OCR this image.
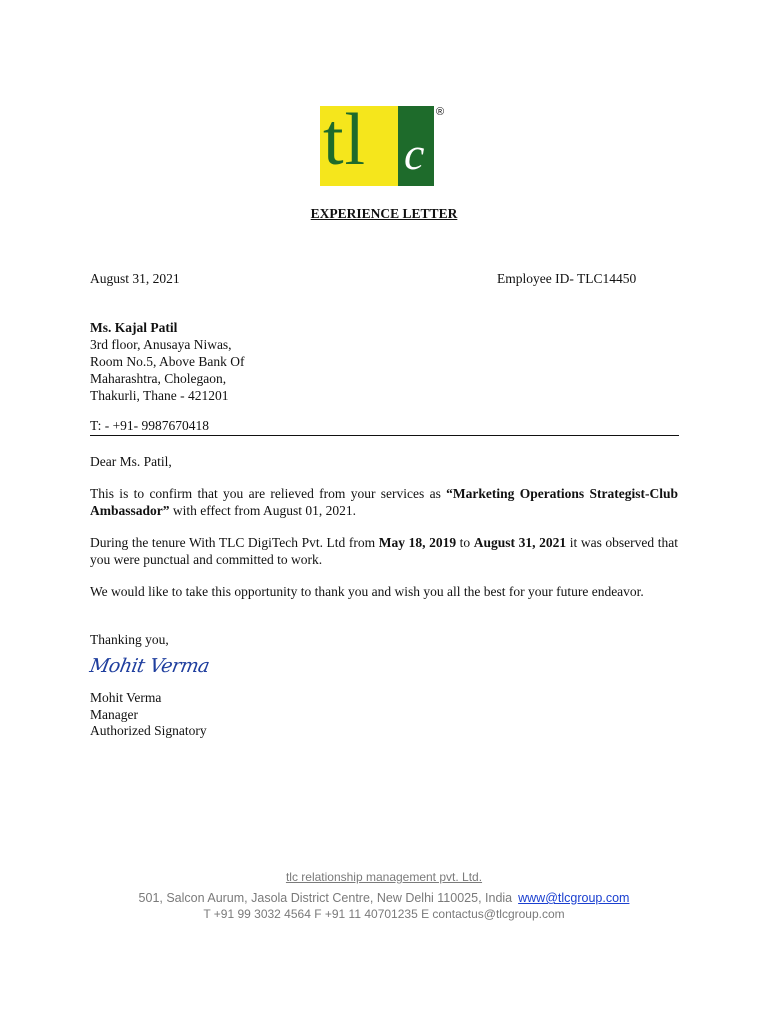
tl c
®
EXPERIENCE LETTER
August 31, 2021	Employee ID- TLC14450
Ms. Kajal Patil
3rd floor, Anusaya Niwas,
Room No.5, Above Bank Of
Maharashtra, Cholegaon,
Thakurli, Thane - 421201
T: - +91- 9987670418
Dear Ms. Patil,
This is to confirm that you are relieved from your services as “Marketing Operations Strategist-Club Ambassador” with effect from August 01, 2021.
During the tenure With TLC DigiTech Pvt. Ltd from May 18, 2019 to August 31, 2021 it was observed that you were punctual and committed to work.
We would like to take this opportunity to thank you and wish you all the best for your future endeavor.
Thanking you,
Mohit Verma
Mohit Verma
Manager
Authorized Signatory
tlc relationship management pvt. Ltd.
501, Salcon Aurum, Jasola District Centre, New Delhi 110025, India www@tlcgroup.com
T +91 99 3032 4564 F +91 11 40701235 E contactus@tlcgroup.com
